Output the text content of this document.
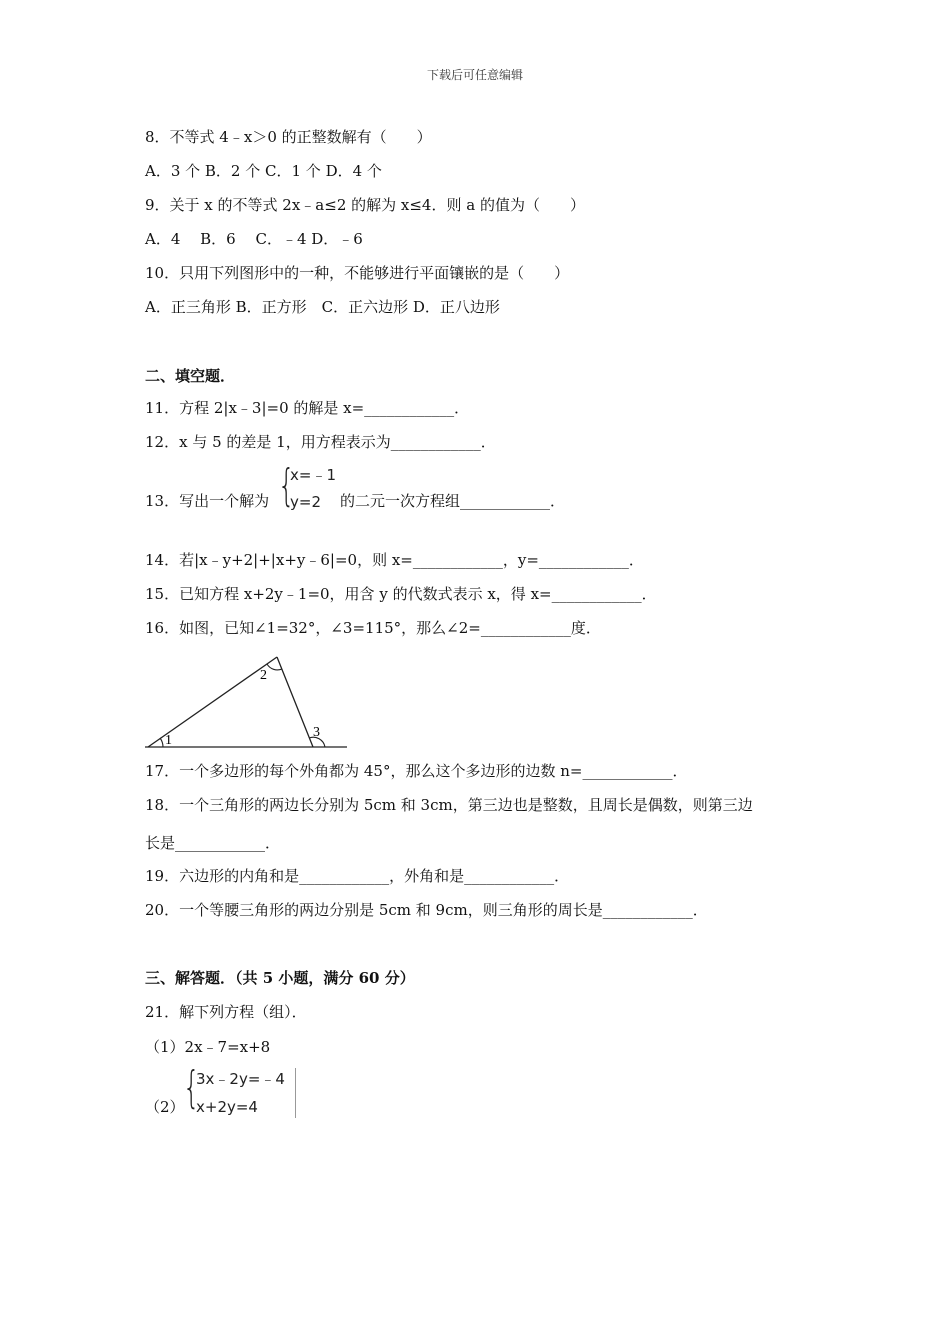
下载后可任意编辑
8．不等式 4﹣x＞0 的正整数解有（　　）
A．3 个 B．2 个 C．1 个 D．4 个
9．关于 x 的不等式 2x﹣a≤2 的解为 x≤4．则 a 的值为（　　）
A．4　 B．6　 C．﹣4 D．﹣6
10．只用下列图形中的一种，不能够进行平面镶嵌的是（　　）
A．正三角形 B．正方形　C．正六边形 D．正八边形
二、填空题．
11．方程 2|x﹣3|=0 的解是 x=____________．
12．x 与 5 的差是 1，用方程表示为____________．
13．写出一个解为 {
x=﹣1
y=2 的二元一次方程组____________．
14．若|x﹣y+2|+|x+y﹣6|=0，则 x=____________，y=____________．
15．已知方程 x+2y﹣1=0，用含 y 的代数式表示 x，得 x=____________．
16．如图，已知∠1=32°，∠3=115°，那么∠2=____________度．
1
2
3
17．一个多边形的每个外角都为 45°，那么这个多边形的边数 n=____________．
18．一个三角形的两边长分别为 5cm 和 3cm，第三边也是整数，且周长是偶数，则第三边
长是____________．
19．六边形的内角和是____________，外角和是____________．
20．一个等腰三角形的两边分别是 5cm 和 9cm，则三角形的周长是____________．
三、解答题．（共 5 小题，满分 60 分）
21．解下列方程（组）．
（1）2x﹣7=x+8
（2）
{
3x﹣2y=﹣4
x+2y=4
